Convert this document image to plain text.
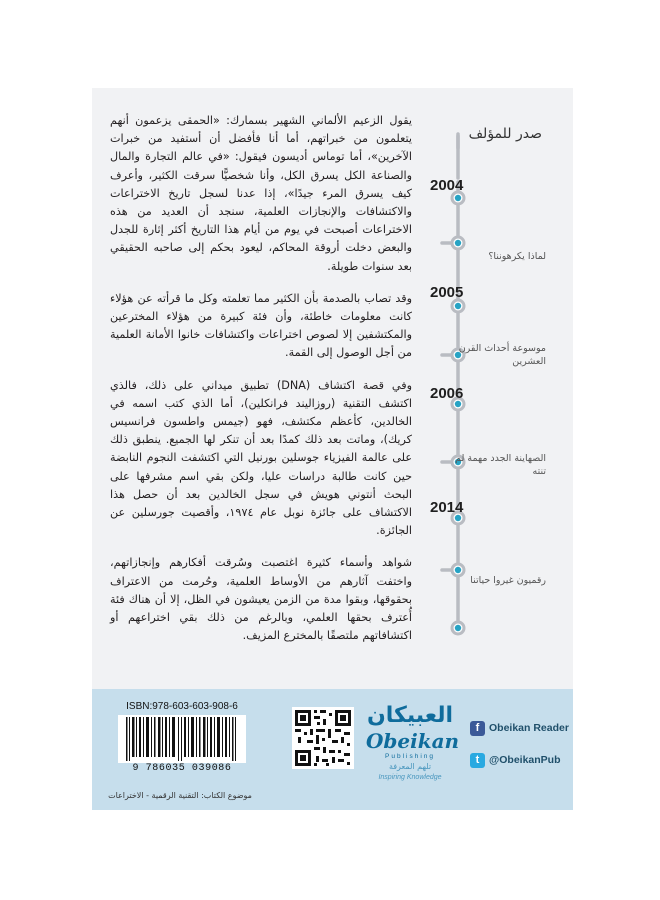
يقول الزعيم الألماني الشهير بسمارك: «الحمقى يزعمون أنهم يتعلمون من خبراتهم، أما أنا فأفضل أن أستفيد من خبرات الآخرين»، أما توماس أديسون فيقول: «في عالم التجارة والمال والصناعة الكل يسرق الكل، وأنا شخصيًّا سرقت الكثير، وأعرف كيف يسرق المرء جيدًا»، إذا عدنا لسجل تاريخ الاختراعات والاكتشافات والإنجازات العلمية، سنجد أن العديد من هذه الاختراعات أصبحت في يوم من أيام هذا التاريخ أكثر إثارة للجدل والبعض دخلت أروقة المحاكم، ليعود بحكم إلى صاحبه الحقيقي بعد سنوات طويلة.

وقد تصاب بالصدمة بأن الكثير مما تعلمته وكل ما قرأته عن هؤلاء كانت معلومات خاطئة، وأن فئة كبيرة من هؤلاء المخترعين والمكتشفين إلا لصوص اختراعات واكتشافات خانوا الأمانة العلمية من أجل الوصول إلى القمة.

وفي قصة اكتشاف (DNA) تطبيق ميداني على ذلك، فالذي اكتشف التقنية (روزاليند فرانكلين)، أما الذي كتب اسمه في الخالدين، كأعظم مكتشف، فهو (جيمس واطسون فرانسيس كريك)، وماتت بعد ذلك كمدًا بعد أن تنكر لها الجميع. ينطبق ذلك على عالمة الفيزياء جوسلين بورنيل التي اكتشفت النجوم النابضة حين كانت طالبة دراسات عليا، ولكن بقي اسم مشرفها على البحث أنتوني هويش في سجل الخالدين بعد أن حصل هذا الاكتشاف على جائزة نوبل عام ١٩٧٤، وأقصيت جورسلين عن الجائزة.

شواهد وأسماء كثيرة اغتصبت وسُرقت أفكارهم وإنجازاتهم، واختفت آثارهم من الأوساط العلمية، وحُرمت من الاعتراف بحقوقها، وبقوا مدة من الزمن يعيشون في الظل، إلا أن هناك فئة أُعترف بحقها العلمي، وبالرغم من ذلك بقي اختراعهم أو اكتشافاتهم ملتصقًا بالمخترع المزيف.

صدر للمؤلف
2004
لماذا يكرهوننا؟
2005
موسوعة أحداث القرن العشرين
2006
الصهاينة الجدد مهمة لم تنته
2014
رقميون غيروا حياتنا
ISBN:978-603-603-908-6
9 786035 039086
موضوع الكتاب: التقنية الرقمية - الاختراعات
العبيكان
Obeikan
Publishing
تلهم المعرفة
Inspiring Knowledge
f Obeikan Reader
t @ObeikanPub
